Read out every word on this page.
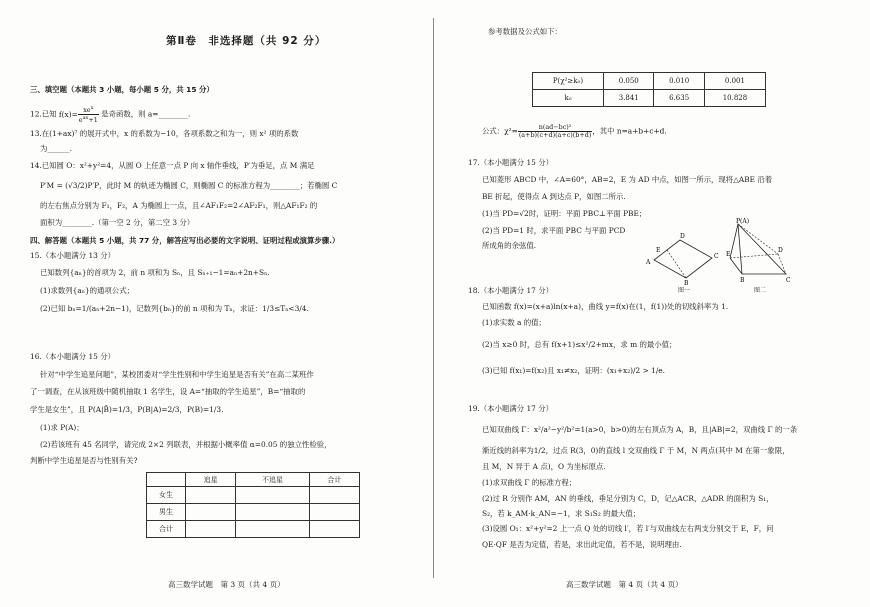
第Ⅱ卷　非选择题（共 92 分）
三、填空题（本题共 3 小题，每小题 5 分，共 15 分）
12.已知 $f(x)= \frac{xe^x}{e^{ax}+1}$ 是奇函数，则 a=________.
13.在(1+ax)⁷ 的展开式中，x 的系数为−10，各项系数之和为一，则 x² 项的系数
为______.
14.已知圆 O：x²+y²=4，从圆 O 上任意一点 P 向 x 轴作垂线，P′为垂足，点 M 满足
P′M = (√3/2)P′P，此时 M 的轨迹为椭圆 C，则椭圆 C 的标准方程为________；若椭圆 C
的左右焦点分别为 F₁，F₂，A 为椭圆上一点，且∠AF₁F₂=2∠AF₂F₁，则△AF₁F₂ 的
面积为________.（第一空 2 分，第二空 3 分）
四、解答题（本题共 5 小题，共 77 分，解答应写出必要的文字说明、证明过程或演算步骤.）
15.（本小题满分 13 分）
已知数列{aₙ}的首项为 2，前 n 项和为 Sₙ，且 Sₙ₊₁−1=aₙ+2n+Sₙ.
(1)求数列{aₙ}的通项公式；
(2)已知 bₙ=1/(aₙ+2n−1)，记数列{bₙ}的前 n 项和为 Tₙ，求证：1/3≤Tₙ<3/4.
16.（本小题满分 15 分）
针对“中学生追星问题”，某校团委对“学生性别和中学生追星是否有关”在高二某班作
了一调查，在从该班级中随机抽取 1 名学生，设 A=“抽取的学生追星”，B=“抽取的
学生是女生”，且 P(A|B̄)=1/3，P(B|A)=2/3，P(B)=1/3.
(1)求 P(A)；
(2)若该班有 45 名同学，请完成 2×2 列联表，并根据小概率值 α=0.05 的独立性检验，
判断中学生追星是否与性别有关?
	追星	不追星	合计
女生			
男生			
合计			
高三数学试题　第 3 页（共 4 页）
参考数据及公式如下：
P(χ²≥k₀)	0.050	0.010	0.001
k₀	3.841	6.635	10.828
公式：$\chi^2= \frac{\text{n(ad−bc)²}}{(a+b)(c+d)(a+c)(b+d)}$ ，其中 n=a+b+c+d.
17.（本小题满分 15 分）
已知菱形 ABCD 中，∠A=60°，AB=2，E 为 AD 中点，如图一所示，现将△ABE 沿着
BE 折起，使得点 A 到达点 P，如图二所示.
(1)当 PD=√2时，证明：平面 PBC⊥平面 PBE；
(2)当 PD=1 时，求平面 PBC 与平面 PCD
所成角的余弦值.
E
D
C
A
B
图一
P(A)
E
D
B	C
图二
18.（本小题满分 17 分）
已知函数 f(x)=(x+a)ln(x+a)，曲线 y=f(x)在(1，f(1))处的切线斜率为 1.
(1)求实数 a 的值；
(2)当 x≥0 时，总有 f(x+1)≤x²/2+mx，求 m 的最小值；
(3)已知 f(x₁)=f(x₂)且 x₁≠x₂，证明：(x₁+x₂)/2 > 1/e.
19.（本小题满分 17 分）
已知双曲线 Γ：x²/a²−y²/b²=1(a>0，b>0)的左右顶点为 A，B，且|AB|=2，双曲线 Γ 的一条
渐近线的斜率为1/2，过点 R(3，0)的直线 l 交双曲线 Γ 于 M，N 两点(其中 M 在第一象限，
且 M，N 异于 A 点)，O 为坐标原点.
(1)求双曲线 Γ 的标准方程；
(2)过 R 分别作 AM，AN 的垂线，垂足分别为 C，D，记△ACR，△ADR 的面积为 S₁，
S₂，若 k_AM·k_AN=−1，求 S₁S₂ 的最大值；
(3)设圆 O₁：x²+y²=2 上一点 Q 处的切线 l′，若 l′与双曲线左右两支分别交于 E，F，问
QE·QF 是否为定值，若是，求出此定值，若不是，说明理由.
高三数学试题　第 4 页（共 4 页）
